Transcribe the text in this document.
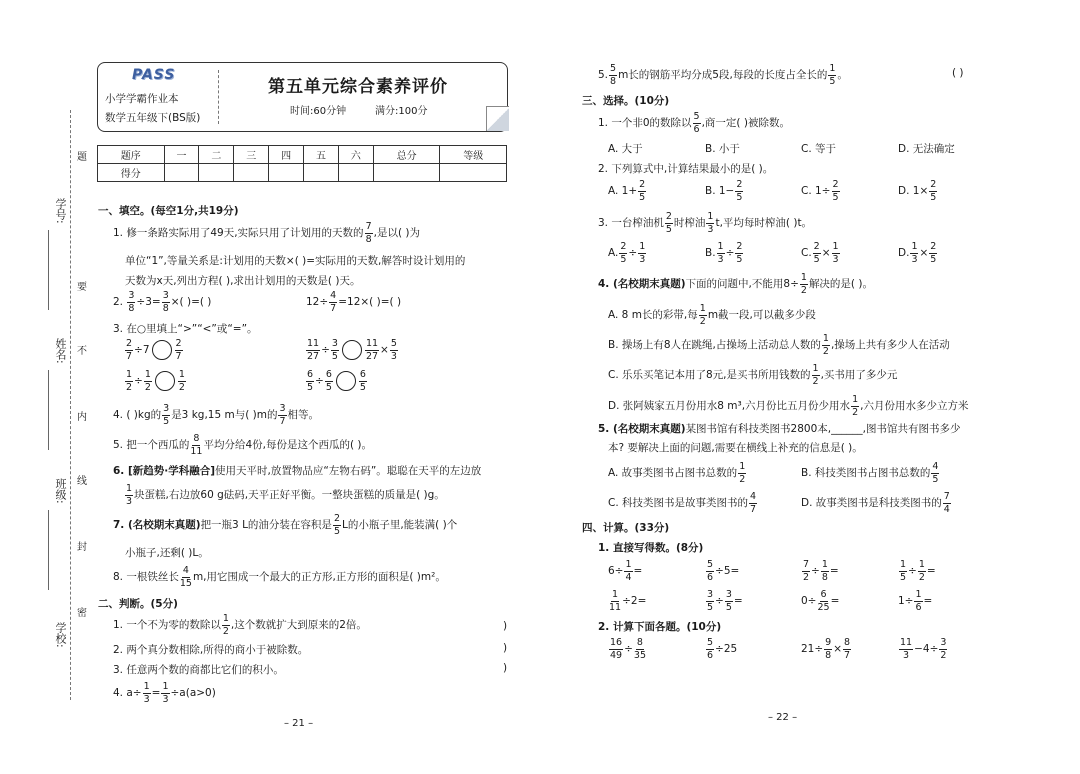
学号:
姓名:
班级:
学校:
题
要
不
内
线
封
密
PASS
小学学霸作业本
数学五年级下(BS版)
第五单元综合素养评价
时间:60分钟	满分:100分
题序	一	二	三	四	五	六	总分	等级
得分								
一、填空。(每空1分,共19分)
1. 修一条路实际用了49天,实际只用了计划用的天数的 $\frac{7}{8}$ ,是以( )为
单位“1”,等量关系是:计划用的天数×( )=实际用的天数,解答时设计划用的
天数为x天,列出方程( ),求出计划用的天数是( )天。
2. $\frac{3}{8} \div 3= \frac{3}{8}$ ×( )=( )	$12\div \frac{4}{7} =12\times$( )=( )
3. 在○里填上“>”“<”或“=”。
$\frac{2}{7} \div 7$	$\frac{2}{7}$	$\frac{11}{27} \div \frac{3}{5}$	$\frac{11}{27} \times \frac{5}{3}$
$\frac{1}{2} \div \frac{1}{2}$	$\frac{1}{2}$	$\frac{6}{5} \div \frac{6}{5}$	$\frac{6}{5}$
4. ( )kg的 $\frac{3}{5}$ 是3 kg,15 m与( )m的 $\frac{3}{7}$ 相等。
5. 把一个西瓜的 $\frac{8}{11}$ 平均分给4份,每份是这个西瓜的( )。
6. [新趋势·学科融合]使用天平时,放置物品应“左物右码”。聪聪在天平的左边放
$\frac{1}{3}$ 块蛋糕,右边放60 g砝码,天平正好平衡。一整块蛋糕的质量是( )g。
7. (名校期末真题)把一瓶3 L的油分装在容积是 $\frac{2}{5}$ L的小瓶子里,能装满( )个
小瓶子,还剩( )L。
8. 一根铁丝长 $\frac{4}{15} m$,用它围成一个最大的正方形,正方形的面积是( )m²。
二、判断。(5分)
1. 一个不为零的数除以 $\frac{1}{2}$ ,这个数就扩大到原来的2倍。
2. 两个真分数相除,所得的商小于被除数。
3. 任意两个数的商都比它们的积小。
4. $a\div \frac{1}{3} = \frac{1}{3} \div a(a>0)$
)
)
)
– 21 –
5. $\frac{5}{8}$ m长的钢筋平均分成5段,每段的长度占全长的 $\frac{1}{5}$ 。	( )
三、选择。(10分)
1. 一个非0的数除以 $\frac{5}{6}$ ,商一定( )被除数。
A. 大于	B. 小于	C. 等于	D. 无法确定
2. 下列算式中,计算结果最小的是( )。
A. $1+ \frac{2}{5}$	B. $1- \frac{2}{5}$	C. $1\div \frac{2}{5}$	D. $1\times \frac{2}{5}$
3. 一台榨油机 $\frac{2}{5}$ 时榨油 $\frac{1}{3} t$,平均每时榨油( )t。
A. $\frac{2}{5} \div \frac{1}{3}$	B. $\frac{1}{3} \div \frac{2}{5}$	C. $\frac{2}{5} \times \frac{1}{3}$	D. $\frac{1}{3} \times \frac{2}{5}$
4. (名校期末真题)下面的问题中,不能用$8\div \frac{1}{2}$ 解决的是( )。
A. 8 m长的彩带,每 $\frac{1}{2}$ m截一段,可以截多少段
B. 操场上有8人在跳绳,占操场上活动总人数的 $\frac{1}{2}$ ,操场上共有多少人在活动
C. 乐乐买笔记本用了8元,是买书所用钱数的 $\frac{1}{2}$ ,买书用了多少元
D. 张阿姨家五月份用水8 m³,六月份比五月份少用水 $\frac{1}{2}$ ,六月份用水多少立方米
5. (名校期末真题)某图书馆有科技类图书2800本,______,图书馆共有图书多少
本? 要解决上面的问题,需要在横线上补充的信息是( )。
A. 故事类图书占图书总数的 $\frac{1}{2}$	B. 科技类图书占图书总数的 $\frac{4}{5}$
C. 科技类图书是故事类图书的 $\frac{4}{7}$	D. 故事类图书是科技类图书的 $\frac{7}{4}$
四、计算。(33分)
1. 直接写得数。(8分)
$6\div \frac{1}{4}$ =	$\frac{5}{6} \div 5=$	$\frac{7}{2} \div \frac{1}{8}$ =	$\frac{1}{5} \div \frac{1}{2}$ =
$\frac{1}{11} \div 2=$	$\frac{3}{5} \div \frac{3}{5}$ =	$0\div \frac{6}{25}$ =	$1\div \frac{1}{6}$ =
2. 计算下面各题。(10分)
$\frac{16}{49} \div \frac{8}{35}$	$\frac{5}{6} \div 25$	$21\div \frac{9}{8} \times \frac{8}{7}$	$\frac{11}{3} -4\div \frac{3}{2}$
– 22 –
